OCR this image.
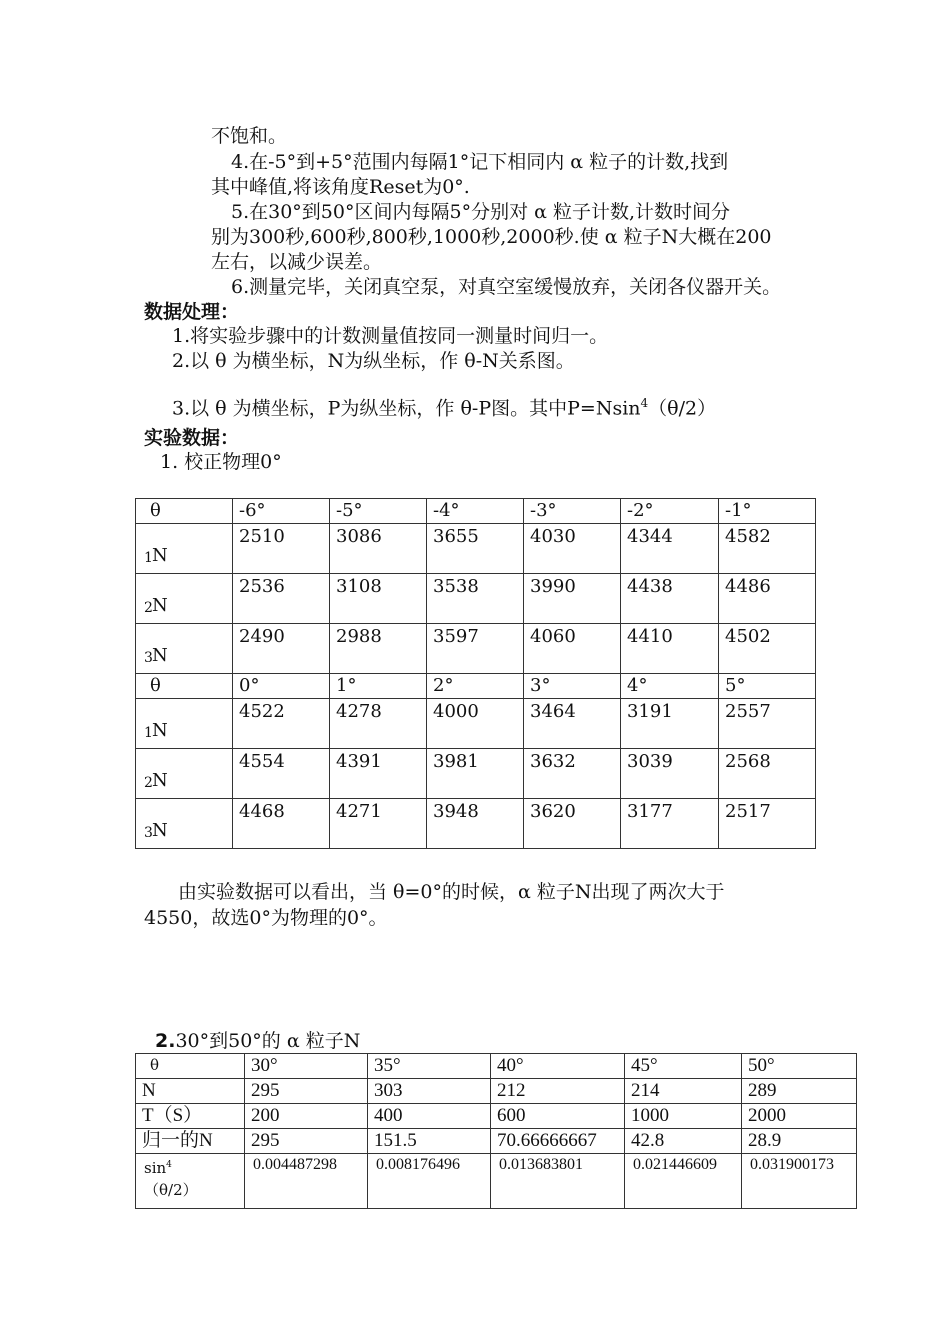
不饱和。
4.在-5°到+5°范围内每隔1°记下相同内 α 粒子的计数,找到
其中峰值,将该角度Reset为0°.
5.在30°到50°区间内每隔5°分别对 α 粒子计数,计数时间分
别为300秒,600秒,800秒,1000秒,2000秒.使 α 粒子N大概在200
左右，以减少误差。
6.测量完毕，关闭真空泵，对真空室缓慢放弃，关闭各仪器开关。
数据处理：
1.将实验步骤中的计数测量值按同一测量时间归一。
2.以 θ 为横坐标，N为纵坐标，作 θ-N关系图。
3.以 θ 为横坐标，P为纵坐标，作 θ-P图。其中P=Nsin$^4$（θ/2）
实验数据：
1. 校正物理0°
θ	-6°	-5°	-4°	-3°	-2°	-1°

N
$_1$	2510	3086	3655	4030	4344	4582

N
$_2$	2536	3108	3538	3990	4438	4486

N
$_3$	2490	2988	3597	4060	4410	4502
θ	0°	1°	2°	3°	4°	5°

N
$_1$	4522	4278	4000	3464	3191	2557

N
$_2$	4554	4391	3981	3632	3039	2568

N
$_3$	4468	4271	3948	3620	3177	2517
由实验数据可以看出，当 θ=0°的时候，α 粒子N出现了两次大于
4550，故选0°为物理的0°。
2.30°到50°的 α 粒子N
θ	30°	35°	40°	45°	50°
N	295	303	212	214	289
T（S）	200	400	600	1000	2000
归一的N	295	151.5	70.66666667	42.8	28.9
$\sin^4$
（θ/2）	0.004487298	0.008176496	0.013683801	0.021446609	0.031900173
